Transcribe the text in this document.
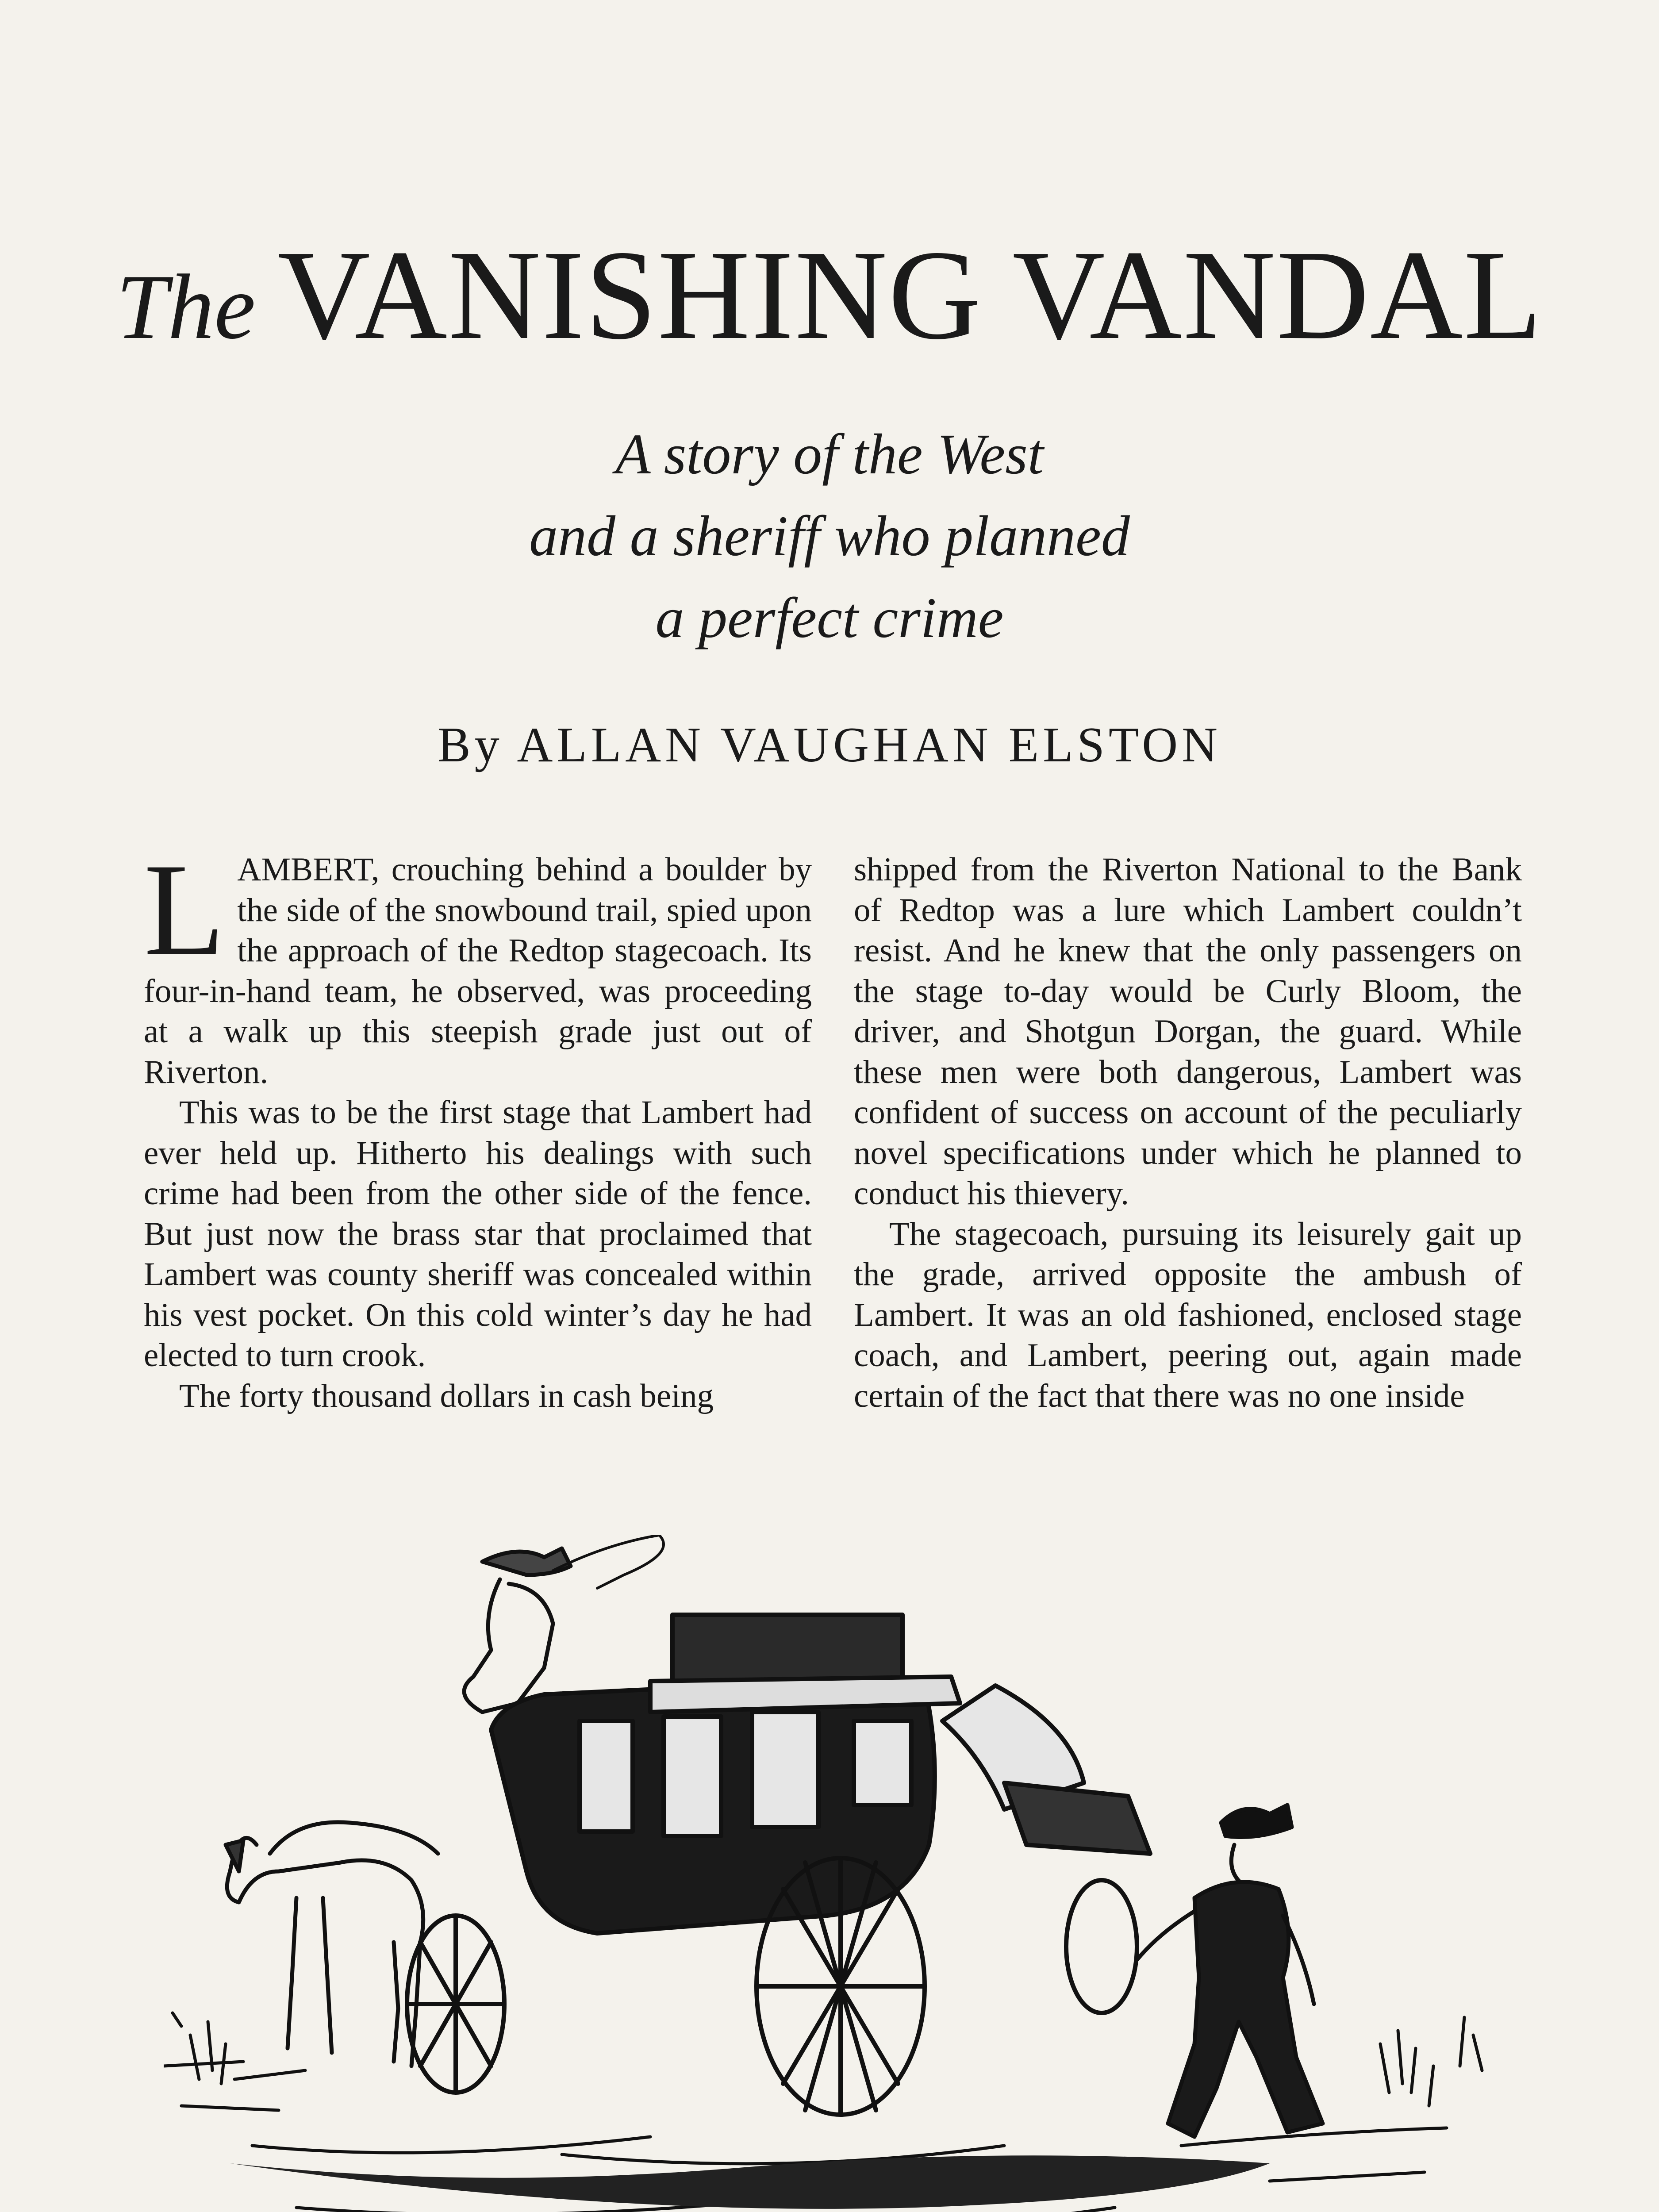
The VANISHING VANDAL
A story of the West
and a sheriff who planned
a perfect crime
By ALLAN VAUGHAN ELSTON

LAMBERT, crouching behind a boulder by the side of the snowbound trail, spied upon the approach of the Redtop stagecoach. Its four-in-hand team, he observed, was proceeding at a walk up this steepish grade just out of Riverton.

This was to be the first stage that Lambert had ever held up. Hitherto his dealings with such crime had been from the other side of the fence. But just now the brass star that proclaimed that Lambert was county sheriff was concealed within his vest pocket. On this cold winter’s day he had elected to turn crook.

The forty thousand dollars in cash being

shipped from the Riverton National to the Bank of Redtop was a lure which Lambert couldn’t resist. And he knew that the only passengers on the stage to-day would be Curly Bloom, the driver, and Shotgun Dorgan, the guard. While these men were both dangerous, Lambert was confident of success on account of the peculiarly novel specifications under which he planned to conduct his thievery.

The stagecoach, pursuing its leisurely gait up the grade, arrived opposite the ambush of Lambert. It was an old fashioned, enclosed stage coach, and Lambert, peering out, again made certain of the fact that there was no one inside
